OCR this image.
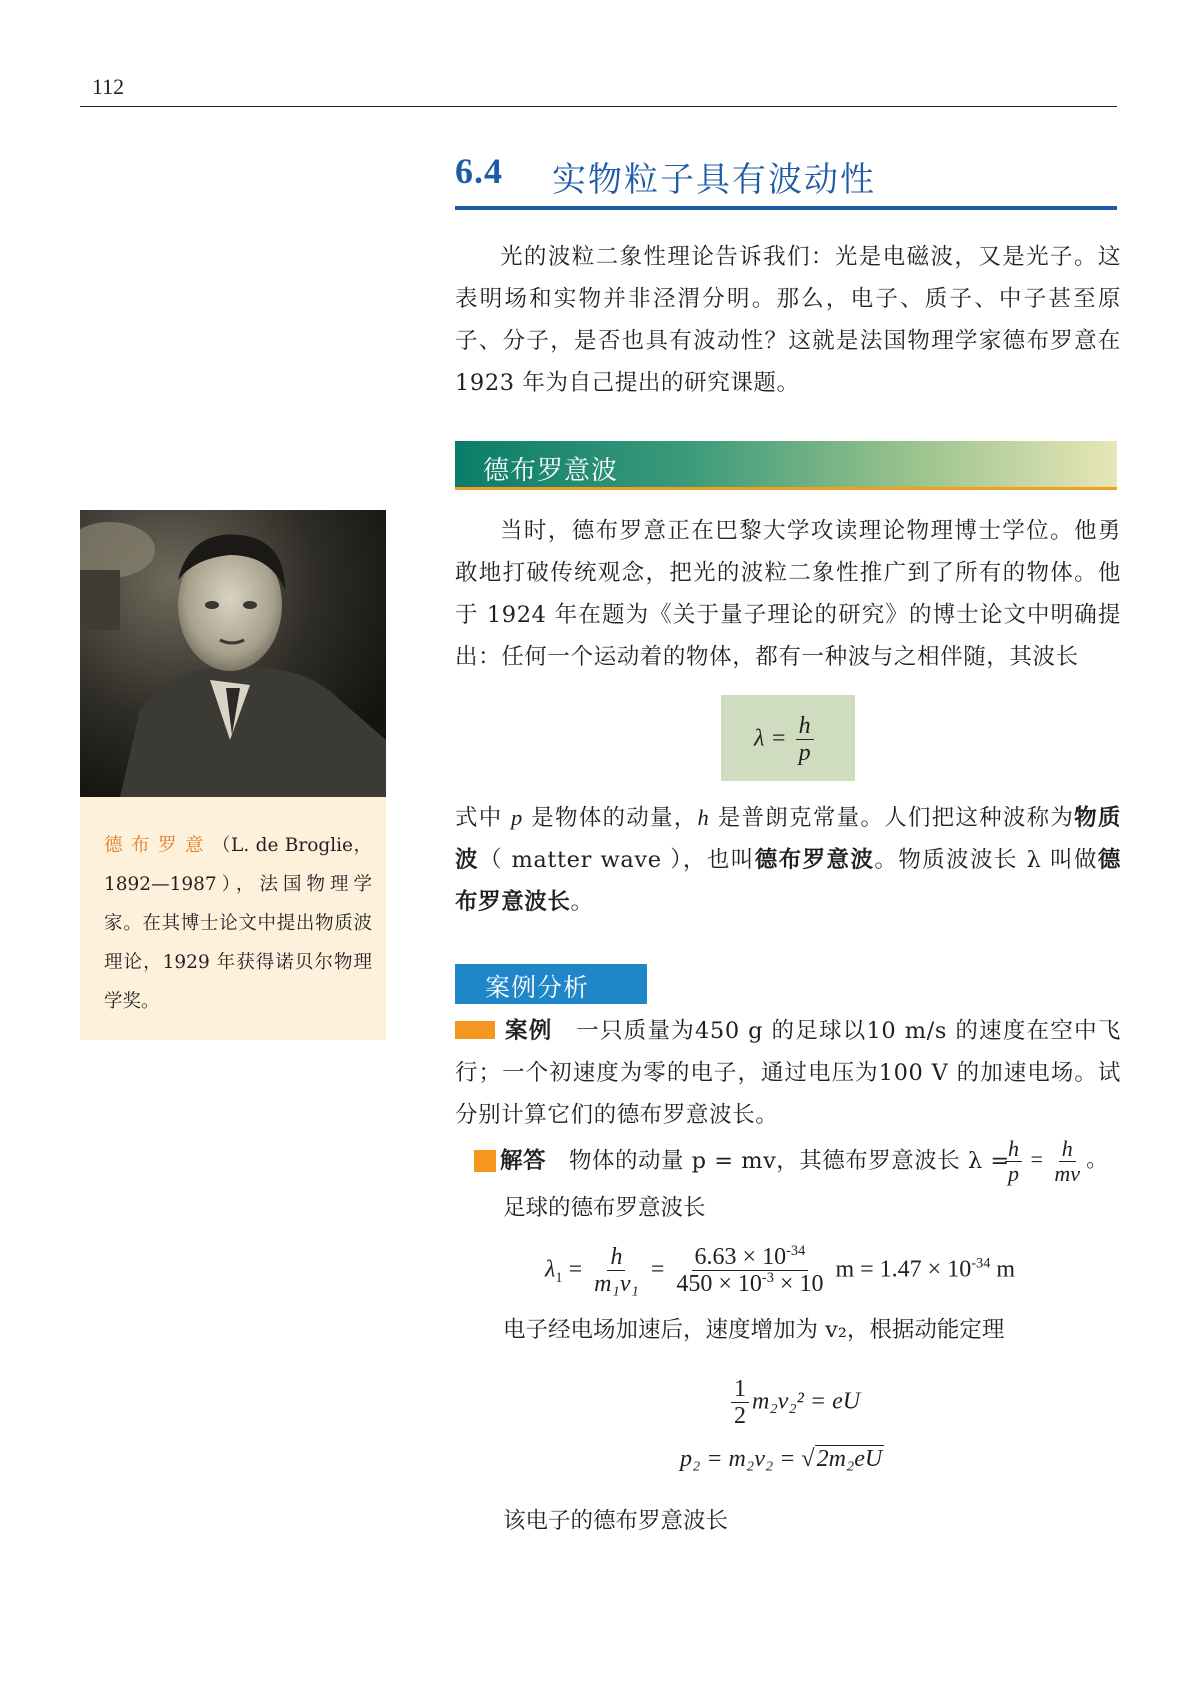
112
6.4 实物粒子具有波动性
光的波粒二象性理论告诉我们：光是电磁波，又是光子。这表明场和实物并非泾渭分明。那么，电子、质子、中子甚至原子、分子，是否也具有波动性？这就是法国物理学家德布罗意在 1923 年为自己提出的研究课题。
德布罗意波
德布罗意（L. de Broglie，1892—1987），法国物理学家。在其博士论文中提出物质波理论，1929 年获得诺贝尔物理学奖。
当时，德布罗意正在巴黎大学攻读理论物理博士学位。他勇敢地打破传统观念，把光的波粒二象性推广到了所有的物体。他于 1924 年在题为《关于量子理论的研究》的博士论文中明确提出：任何一个运动着的物体，都有一种波与之相伴随，其波长
$\lambda = \frac{h}{p}$
式中 p 是物体的动量，h 是普朗克常量。人们把这种波称为物质波（ matter wave ），也叫德布罗意波。物质波波长 λ 叫做德布罗意波长。
案例分析
案例　 一只质量为450 g 的足球以10 m/s 的速度在空中飞行；一个初速度为零的电子，通过电压为100 V 的加速电场。试分别计算它们的德布罗意波长。
解答　 物体的动量 p = mv，其德布罗意波长 λ =
$\frac{h}{p} = \frac{h}{mv}$ 。
足球的德布罗意波长
$\lambda_1 = \frac{h}{\text{m₁v₁}} = \frac{6.63 \times 10^{-34}}{450 \times 10^{-3} \times 10}$ $m = 1.47 \times 10^{-34}$ m
电子经电场加速后，速度增加为 v₂，根据动能定理
$\frac{1}{2} m_2v_2^2$ = eU
p₂ = m₂v₂ = √2m₂eU
该电子的德布罗意波长
